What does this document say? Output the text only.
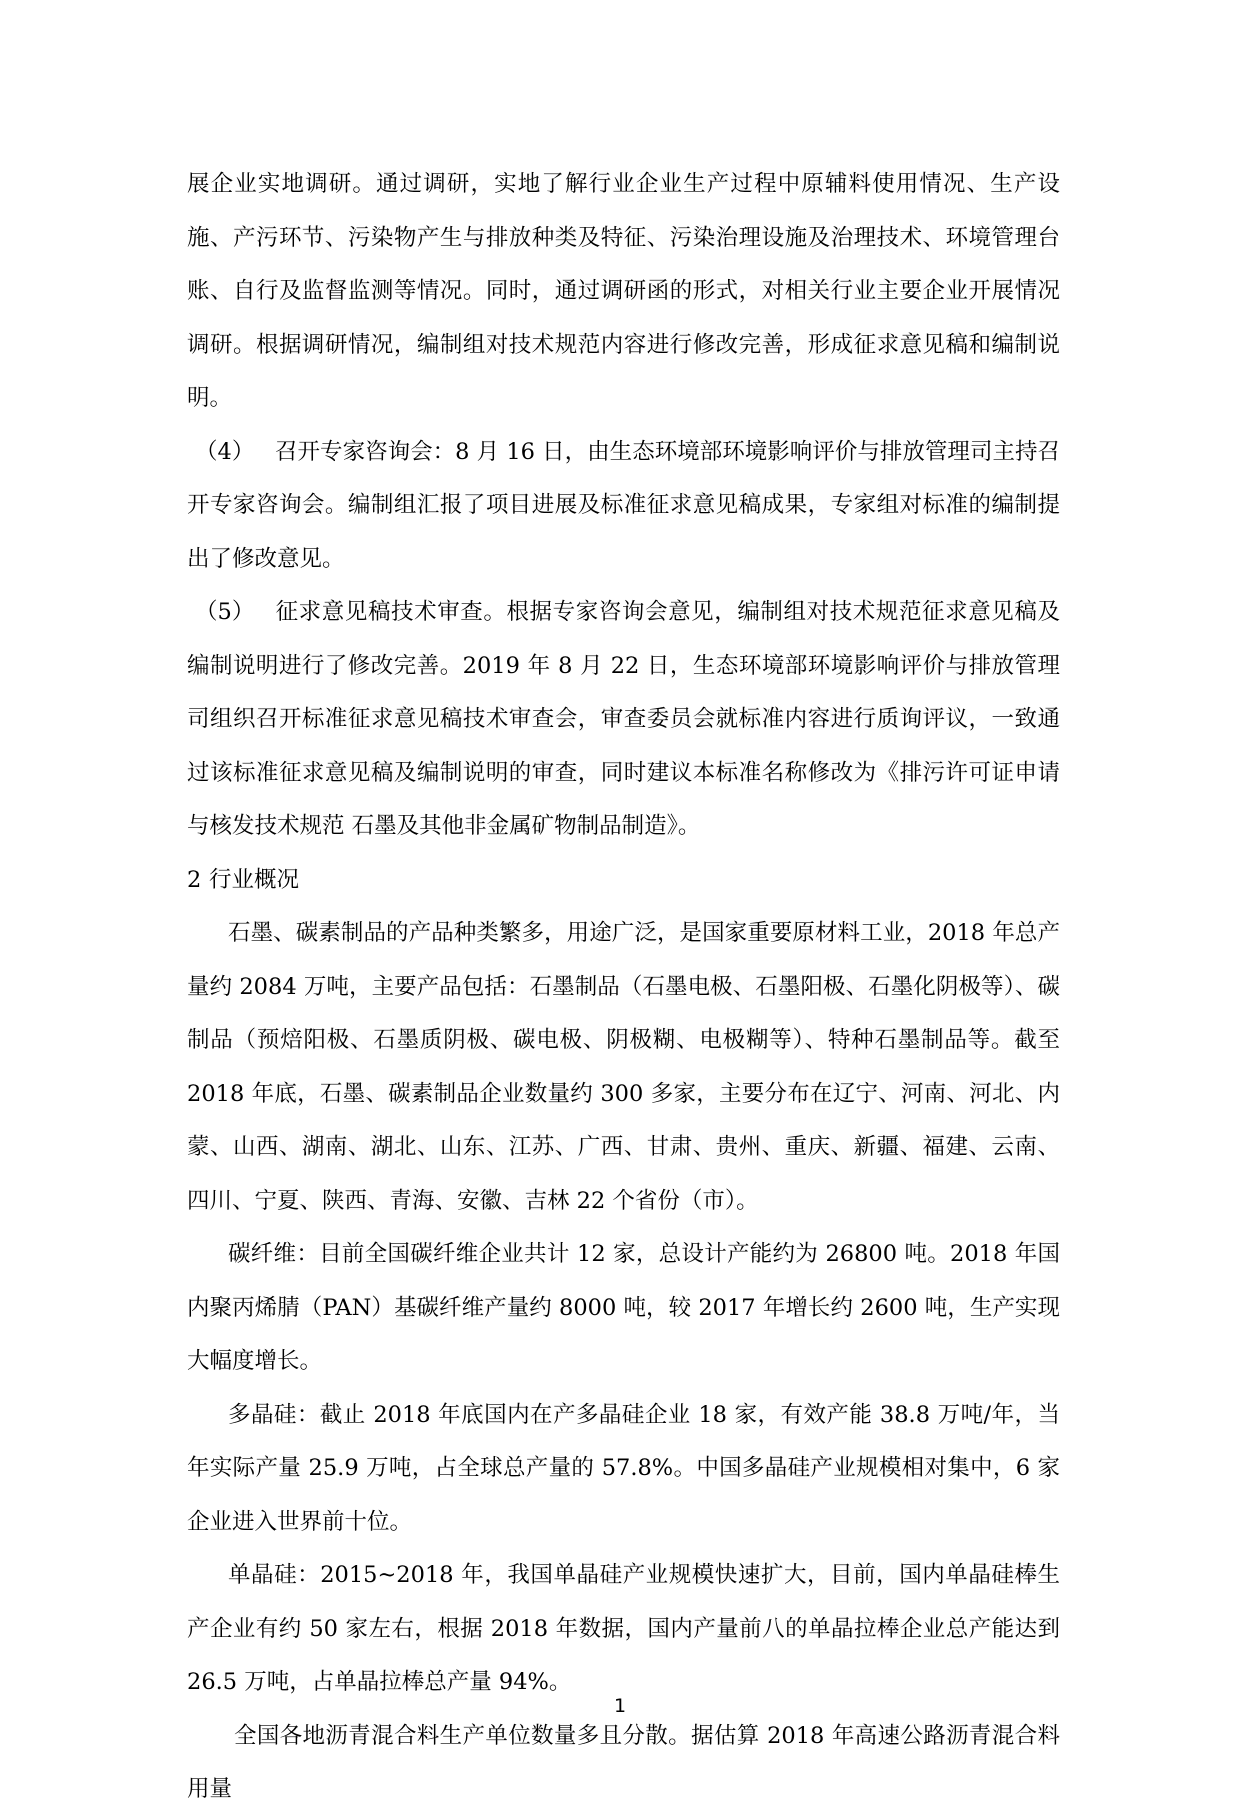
展企业实地调研。通过调研，实地了解行业企业生产过程中原辅料使用情况、生产设施、产污环节、污染物产生与排放种类及特征、污染治理设施及治理技术、环境管理台账、自行及监督监测等情况。同时，通过调研函的形式，对相关行业主要企业开展情况调研。根据调研情况，编制组对技术规范内容进行修改完善，形成征求意见稿和编制说明。

（4） 召开专家咨询会：8 月 16 日，由生态环境部环境影响评价与排放管理司主持召开专家咨询会。编制组汇报了项目进展及标准征求意见稿成果，专家组对标准的编制提出了修改意见。

（5） 征求意见稿技术审查。根据专家咨询会意见，编制组对技术规范征求意见稿及编制说明进行了修改完善。2019 年 8 月 22 日，生态环境部环境影响评价与排放管理司组织召开标准征求意见稿技术审查会，审查委员会就标准内容进行质询评议，一致通过该标准征求意见稿及编制说明的审查，同时建议本标准名称修改为《排污许可证申请与核发技术规范 石墨及其他非金属矿物制品制造》。

2 行业概况

石墨、碳素制品的产品种类繁多，用途广泛，是国家重要原材料工业，2018 年总产量约 2084 万吨，主要产品包括：石墨制品（石墨电极、石墨阳极、石墨化阴极等）、碳制品（预焙阳极、石墨质阴极、碳电极、阴极糊、电极糊等）、特种石墨制品等。截至 2018 年底，石墨、碳素制品企业数量约 300 多家，主要分布在辽宁、河南、河北、内蒙、山西、湖南、湖北、山东、江苏、广西、甘肃、贵州、重庆、新疆、福建、云南、四川、宁夏、陕西、青海、安徽、吉林 22 个省份（市）。

碳纤维：目前全国碳纤维企业共计 12 家，总设计产能约为 26800 吨。2018 年国内聚丙烯腈（PAN）基碳纤维产量约 8000 吨，较 2017 年增长约 2600 吨，生产实现大幅度增长。

多晶硅：截止 2018 年底国内在产多晶硅企业 18 家，有效产能 38.8 万吨/年，当年实际产量 25.9 万吨，占全球总产量的 57.8%。中国多晶硅产业规模相对集中，6 家企业进入世界前十位。

单晶硅：2015~2018 年，我国单晶硅产业规模快速扩大，目前，国内单晶硅棒生产企业有约 50 家左右，根据 2018 年数据，国内产量前八的单晶拉棒企业总产能达到 26.5 万吨，占单晶拉棒总产量 94%。

全国各地沥青混合料生产单位数量多且分散。据估算 2018 年高速公路沥青混合料用量

1
